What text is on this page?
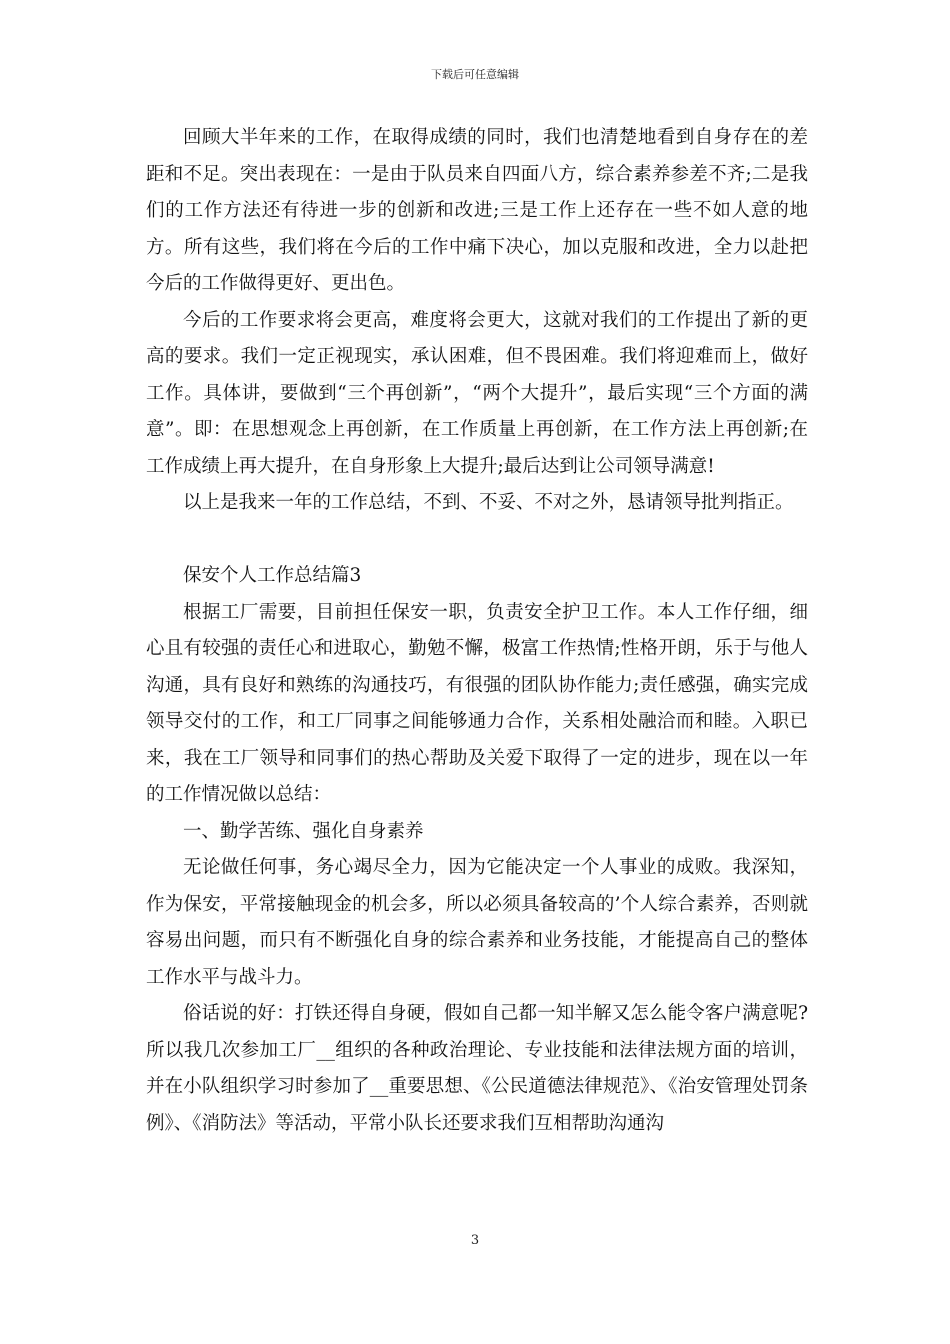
下载后可任意编辑

回顾大半年来的工作，在取得成绩的同时，我们也清楚地看到自身存在的差距和不足。突出表现在：一是由于队员来自四面八方，综合素养参差不齐;二是我们的工作方法还有待进一步的创新和改进;三是工作上还存在一些不如人意的地方。所有这些，我们将在今后的工作中痛下决心，加以克服和改进，全力以赴把今后的工作做得更好、更出色。

今后的工作要求将会更高，难度将会更大，这就对我们的工作提出了新的更高的要求。我们一定正视现实，承认困难，但不畏困难。我们将迎难而上，做好工作。具体讲，要做到“三个再创新”，“两个大提升”，最后实现“三个方面的满意”。即：在思想观念上再创新，在工作质量上再创新，在工作方法上再创新;在工作成绩上再大提升，在自身形象上大提升;最后达到让公司领导满意!

以上是我来一年的工作总结，不到、不妥、不对之外，恳请领导批判指正。

保安个人工作总结篇3

根据工厂需要，目前担任保安一职，负责安全护卫工作。本人工作仔细，细心且有较强的责任心和进取心，勤勉不懈，极富工作热情;性格开朗，乐于与他人沟通，具有良好和熟练的沟通技巧，有很强的团队协作能力;责任感强，确实完成领导交付的工作，和工厂同事之间能够通力合作，关系相处融洽而和睦。入职已来，我在工厂领导和同事们的热心帮助及关爱下取得了一定的进步，现在以一年的工作情况做以总结：

一、勤学苦练、强化自身素养

无论做任何事，务心竭尽全力，因为它能决定一个人事业的成败。我深知，作为保安，平常接触现金的机会多，所以必须具备较高的’个人综合素养，否则就容易出问题，而只有不断强化自身的综合素养和业务技能，才能提高自己的整体工作水平与战斗力。

俗话说的好：打铁还得自身硬，假如自己都一知半解又怎么能令客户满意呢?所以我几次参加工厂__组织的各种政治理论、专业技能和法律法规方面的培训，并在小队组织学习时参加了__重要思想、《公民道德法律规范》、《治安管理处罚条例》、《消防法》等活动，平常小队长还要求我们互相帮助沟通沟

3
